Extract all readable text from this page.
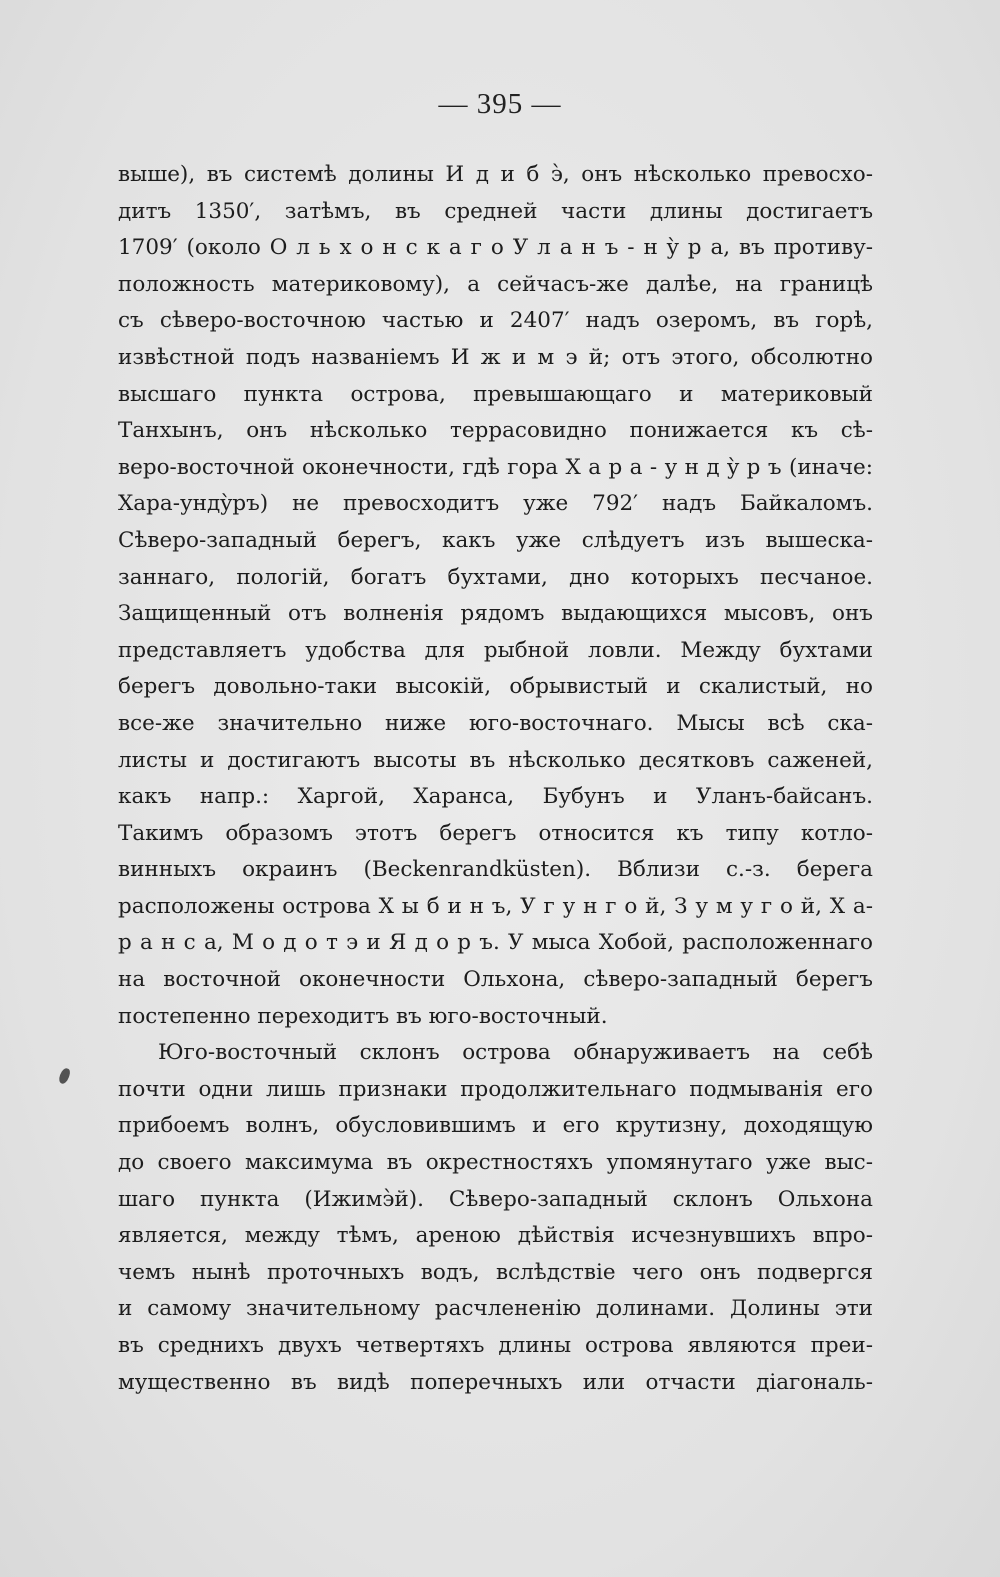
— 395 —
выше), въ системѣ долины И д и б э̀, онъ нѣсколько превосхо-
дитъ 1350′, затѣмъ, въ средней части длины достигаетъ
1709′ (около О л ь х о н с к а г о У л а н ъ - н ỳ р а, въ противу-
положность материковому), а сейчасъ-же далѣе, на границѣ
съ сѣверо-восточною частью и 2407′ надъ озеромъ, въ горѣ,
извѣстной подъ названіемъ И ж и м э й; отъ этого, обсолютно
высшаго пункта острова, превышающаго и материковый
Танхынъ, онъ нѣсколько террасовидно понижается къ сѣ-
веро-восточной оконечности, гдѣ гора Х а р а - у н д ỳ р ъ (иначе:
Хара-ундỳръ) не превосходитъ уже 792′ надъ Байкаломъ.
Сѣверо-западный берегъ, какъ уже слѣдуетъ изъ вышеска-
заннаго, пологій, богатъ бухтами, дно которыхъ песчаное.
Защищенный отъ волненія рядомъ выдающихся мысовъ, онъ
представляетъ удобства для рыбной ловли. Между бухтами
берегъ довольно-таки высокій, обрывистый и скалистый, но
все-же значительно ниже юго-восточнаго. Мысы всѣ ска-
листы и достигаютъ высоты въ нѣсколько десятковъ саженей,
какъ напр.: Харгой, Харанса, Бубунъ и Уланъ-байсанъ.
Такимъ образомъ этотъ берегъ относится къ типу котло-
винныхъ окраинъ (Beckenrandküsten). Вблизи с.-з. берега
расположены острова Х ы б и н ъ, У г у н г о й, З у м у г о й, Х а-
р а н с а, М о д о т э и Я д о р ъ. У мыса Хобой, расположеннаго
на восточной оконечности Ольхона, сѣверо-западный берегъ
постепенно переходитъ въ юго-восточный.
Юго-восточный склонъ острова обнаруживаетъ на себѣ
почти одни лишь признаки продолжительнаго подмыванія его
прибоемъ волнъ, обусловившимъ и его крутизну, доходящую
до своего максимума въ окрестностяхъ упомянутаго уже выс-
шаго пункта (Ижимэ̀й). Сѣверо-западный склонъ Ольхона
является, между тѣмъ, ареною дѣйствія исчезнувшихъ впро-
чемъ нынѣ проточныхъ водъ, вслѣдствіе чего онъ подвергся
и самому значительному расчлененію долинами. Долины эти
въ среднихъ двухъ четвертяхъ длины острова являются преи-
мущественно въ видѣ поперечныхъ или отчасти діагональ-
